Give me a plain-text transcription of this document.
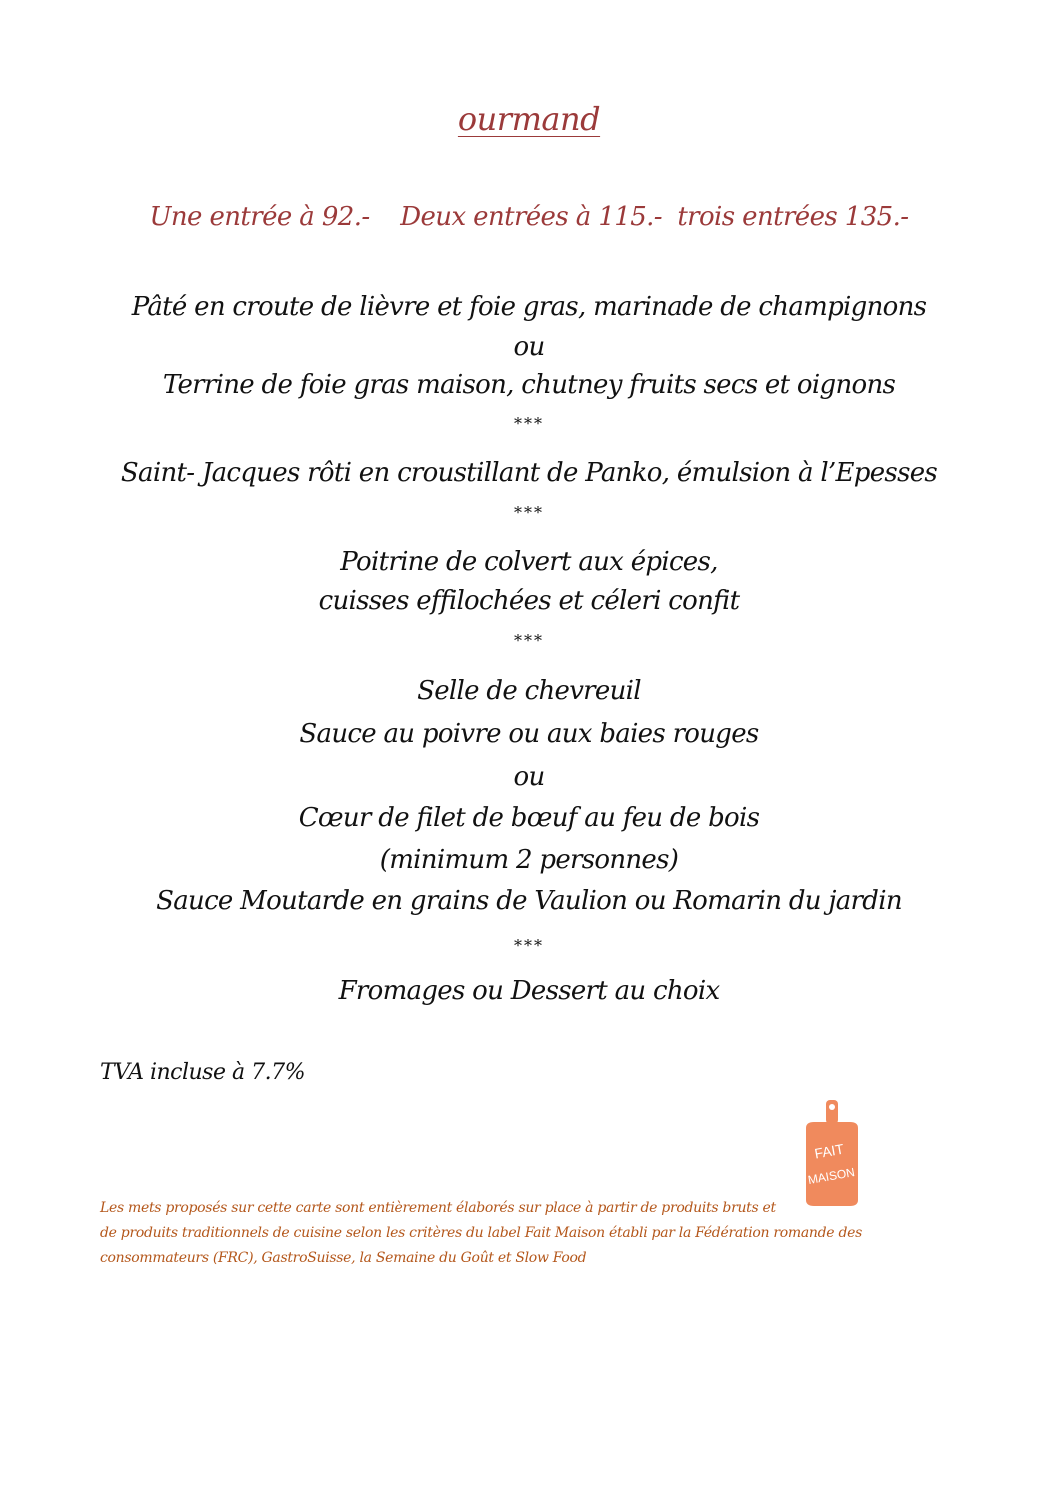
ourmand
Une entrée à 92.-    Deux entrées à 115.-  trois entrées 135.-
Pâté en croute de lièvre et foie gras, marinade de champignons
ou
Terrine de foie gras maison, chutney fruits secs et oignons
***
Saint- Jacques rôti en croustillant de Panko, émulsion à l’Epesses
***
Poitrine de colvert aux épices,
cuisses effilochées et céleri confit
***
Selle de chevreuil
Sauce au poivre ou aux baies rouges
ou
Cœur de filet de bœuf au feu de bois
(minimum 2 personnes)
Sauce Moutarde en grains de Vaulion ou Romarin du jardin
***
Fromages ou Dessert au choix
TVA incluse à 7.7%
FAIT
MAISON
Les mets proposés sur cette carte sont entièrement élaborés sur place à partir de produits bruts et
de produits traditionnels de cuisine selon les critères du label Fait Maison établi par la Fédération romande des
consommateurs (FRC), GastroSuisse, la Semaine du Goût et Slow Food
